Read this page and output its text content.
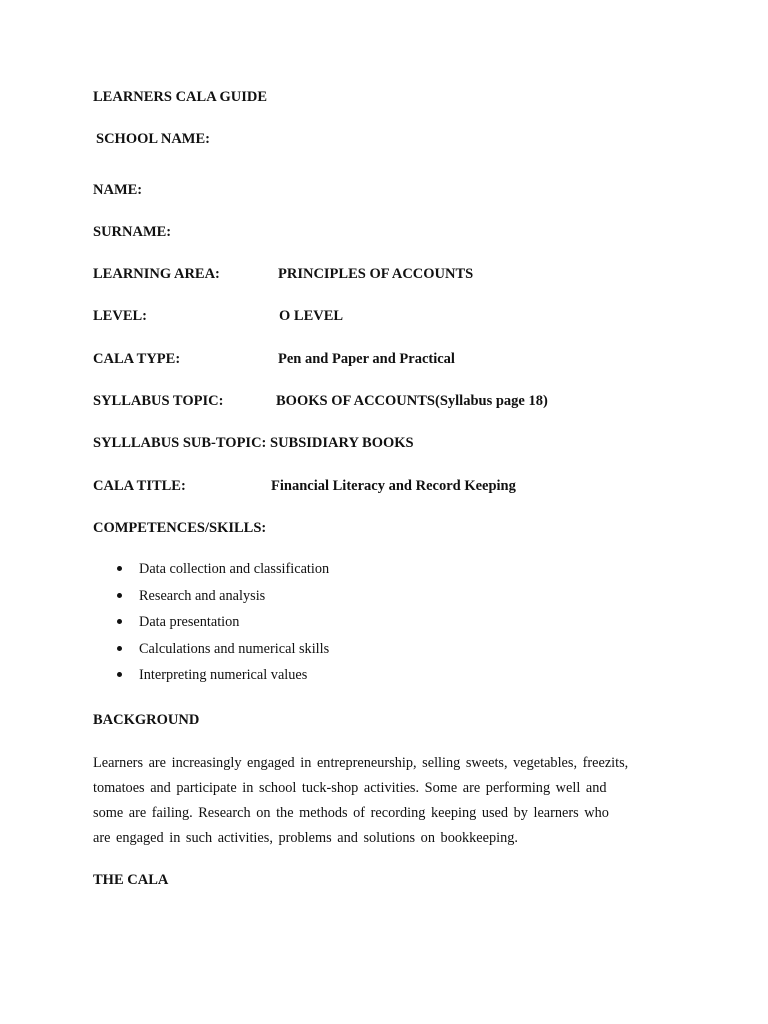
LEARNERS CALA GUIDE
SCHOOL NAME:
NAME:
SURNAME:
LEARNING AREA:	PRINCIPLES OF ACCOUNTS
LEVEL:	O LEVEL
CALA TYPE:	Pen and Paper and Practical
SYLLABUS TOPIC:	BOOKS OF ACCOUNTS(Syllabus page 18)
SYLLLABUS SUB-TOPIC: SUBSIDIARY BOOKS
CALA TITLE:	Financial Literacy and Record Keeping
COMPETENCES/SKILLS:
Data collection and classification
Research and analysis
Data presentation
Calculations and numerical skills
Interpreting numerical values
BACKGROUND
Learners are increasingly engaged in entrepreneurship, selling sweets, vegetables, freezits,
tomatoes and participate in school tuck-shop activities. Some are performing well and
some are failing. Research on the methods of recording keeping used by learners who
are engaged in such activities, problems and solutions on bookkeeping.
THE CALA
